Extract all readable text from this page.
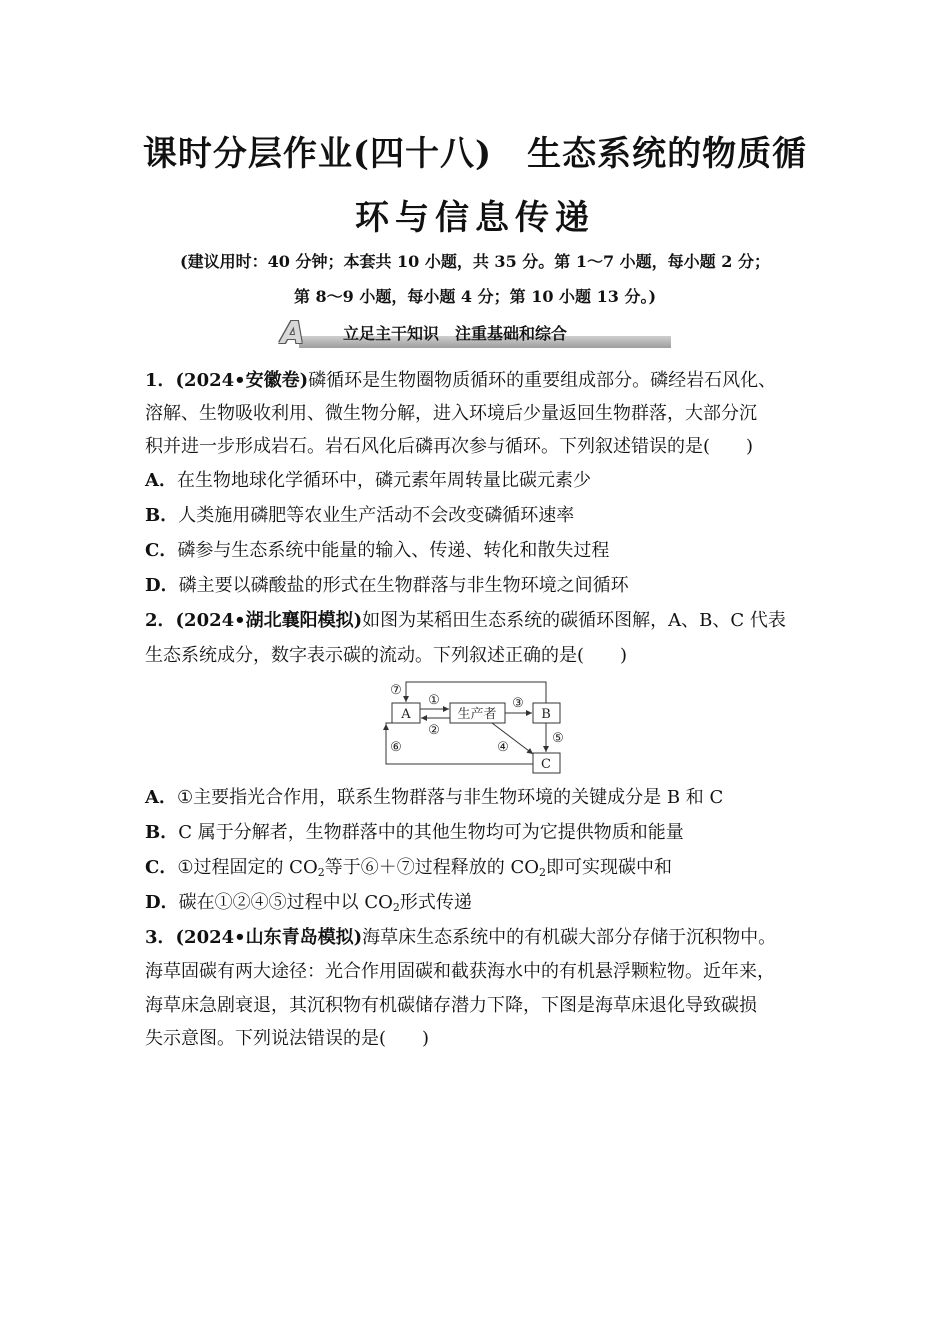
课时分层作业(四十八)　生态系统的物质循
环与信息传递
(建议用时：40 分钟；本套共 10 小题，共 35 分。第 1～7 小题，每小题 2 分；
第 8～9 小题，每小题 4 分；第 10 小题 13 分。)
A	立足主干知识　注重基础和综合
1．(2024•安徽卷)磷循环是生物圈物质循环的重要组成部分。磷经岩石风化、
溶解、生物吸收利用、微生物分解，进入环境后少量返回生物群落，大部分沉
积并进一步形成岩石。岩石风化后磷再次参与循环。下列叙述错误的是(　　)
A．在生物地球化学循环中，磷元素年周转量比碳元素少
B．人类施用磷肥等农业生产活动不会改变磷循环速率
C．磷参与生态系统中能量的输入、传递、转化和散失过程
D．磷主要以磷酸盐的形式在生物群落与非生物环境之间循环
2．(2024•湖北襄阳模拟)如图为某稻田生态系统的碳循环图解，A、B、C 代表
生态系统成分，数字表示碳的流动。下列叙述正确的是(　　)
A	生产者	B
C
①
②
③
④
⑤
⑥
⑦
A．①主要指光合作用，联系生物群落与非生物环境的关键成分是 B 和 C
B．C 属于分解者，生物群落中的其他生物均可为它提供物质和能量
C．①过程固定的 $CO_2$等于⑥＋⑦过程释放的 $CO_2$即可实现碳中和
D．碳在①②④⑤过程中以 $CO_2$形式传递
3．(2024•山东青岛模拟)海草床生态系统中的有机碳大部分存储于沉积物中。
海草固碳有两大途径：光合作用固碳和截获海水中的有机悬浮颗粒物。近年来，
海草床急剧衰退，其沉积物有机碳储存潜力下降，下图是海草床退化导致碳损
失示意图。下列说法错误的是(　　)
